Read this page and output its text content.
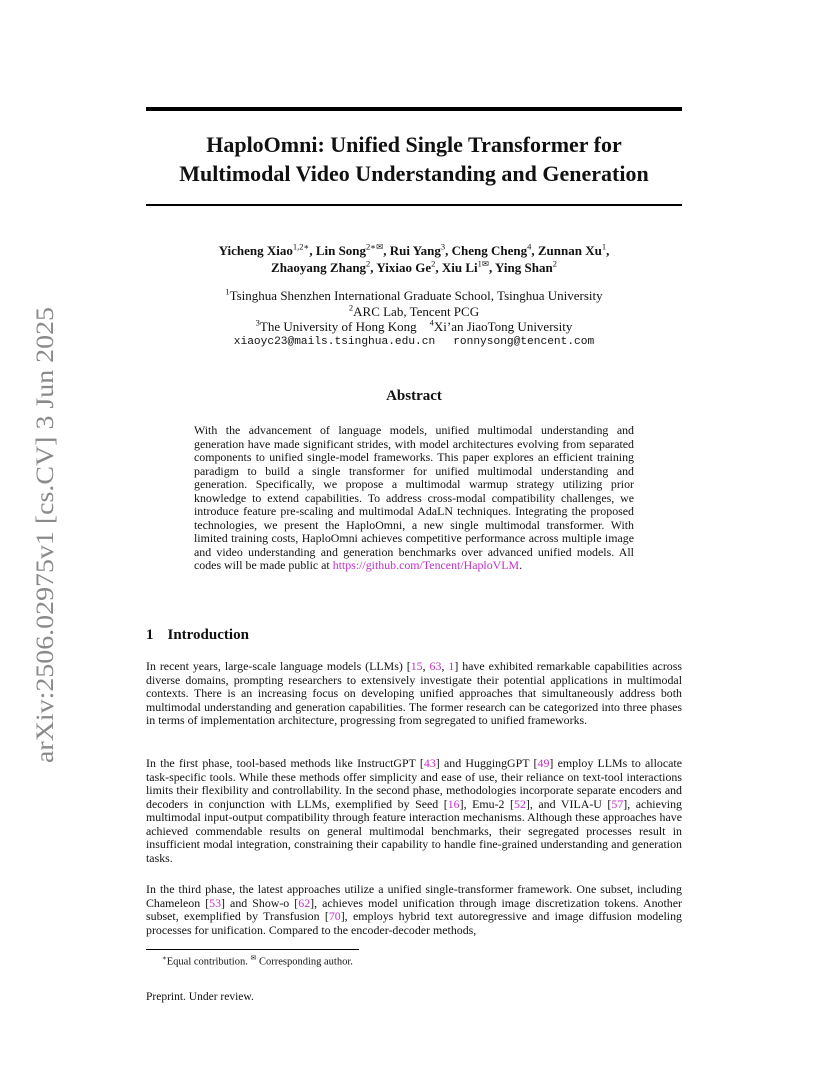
arXiv:2506.02975v1 [cs.CV] 3 Jun 2025
HaploOmni: Unified Single Transformer for
Multimodal Video Understanding and Generation
Yicheng Xiao$^{1,2∗}$, Lin Song$^{2∗✉}$, Rui Yang$^3$, Cheng Cheng$^4$, Zunnan Xu$^1$,
Zhaoyang Zhang$^2$, Yixiao Ge$^2$, Xiu $Li^{1✉}$, Ying Shan$^2$
$^1$Tsinghua Shenzhen International Graduate School, Tsinghua University
$^2$ARC Lab, Tencent PCG
$^3$The University of Hong Kong $^4$Xi’an JiaoTong University
xiaoyc23@mails.tsinghua.edu.cn ronnysong@tencent.com
Abstract
With the advancement of language models, unified multimodal understanding and generation have made significant strides, with model architectures evolving from separated components to unified single-model frameworks. This paper explores an efficient training paradigm to build a single transformer for unified multimodal understanding and generation. Specifically, we propose a multimodal warmup strategy utilizing prior knowledge to extend capabilities. To address cross-modal compatibility challenges, we introduce feature pre-scaling and multimodal AdaLN techniques. Integrating the proposed technologies, we present the HaploOmni, a new single multimodal transformer. With limited training costs, HaploOmni achieves competitive performance across multiple image and video understanding and generation benchmarks over advanced unified models. All codes will be made public at https://github.com/Tencent/HaploVLM.
1 Introduction
In recent years, large-scale language models (LLMs) [15, 63, 1] have exhibited remarkable capabilities across diverse domains, prompting researchers to extensively investigate their potential applications in multimodal contexts. There is an increasing focus on developing unified approaches that simultaneously address both multimodal understanding and generation capabilities. The former research can be categorized into three phases in terms of implementation architecture, progressing from segregated to unified frameworks.
In the first phase, tool-based methods like InstructGPT [43] and HuggingGPT [49] employ LLMs to allocate task-specific tools. While these methods offer simplicity and ease of use, their reliance on text-tool interactions limits their flexibility and controllability. In the second phase, methodologies incorporate separate encoders and decoders in conjunction with LLMs, exemplified by Seed [16], Emu-2 [52], and VILA-U [57], achieving multimodal input-output compatibility through feature interaction mechanisms. Although these approaches have achieved commendable results on general multimodal benchmarks, their segregated processes result in insufficient modal integration, constraining their capability to handle fine-grained understanding and generation tasks.
In the third phase, the latest approaches utilize a unified single-transformer framework. One subset, including Chameleon [53] and Show-o [62], achieves model unification through image discretization tokens. Another subset, exemplified by Transfusion [70], employs hybrid text autoregressive and image diffusion modeling processes for unification. Compared to the encoder-decoder methods,
∗Equal contribution. ✉ Corresponding author.
Preprint. Under review.
